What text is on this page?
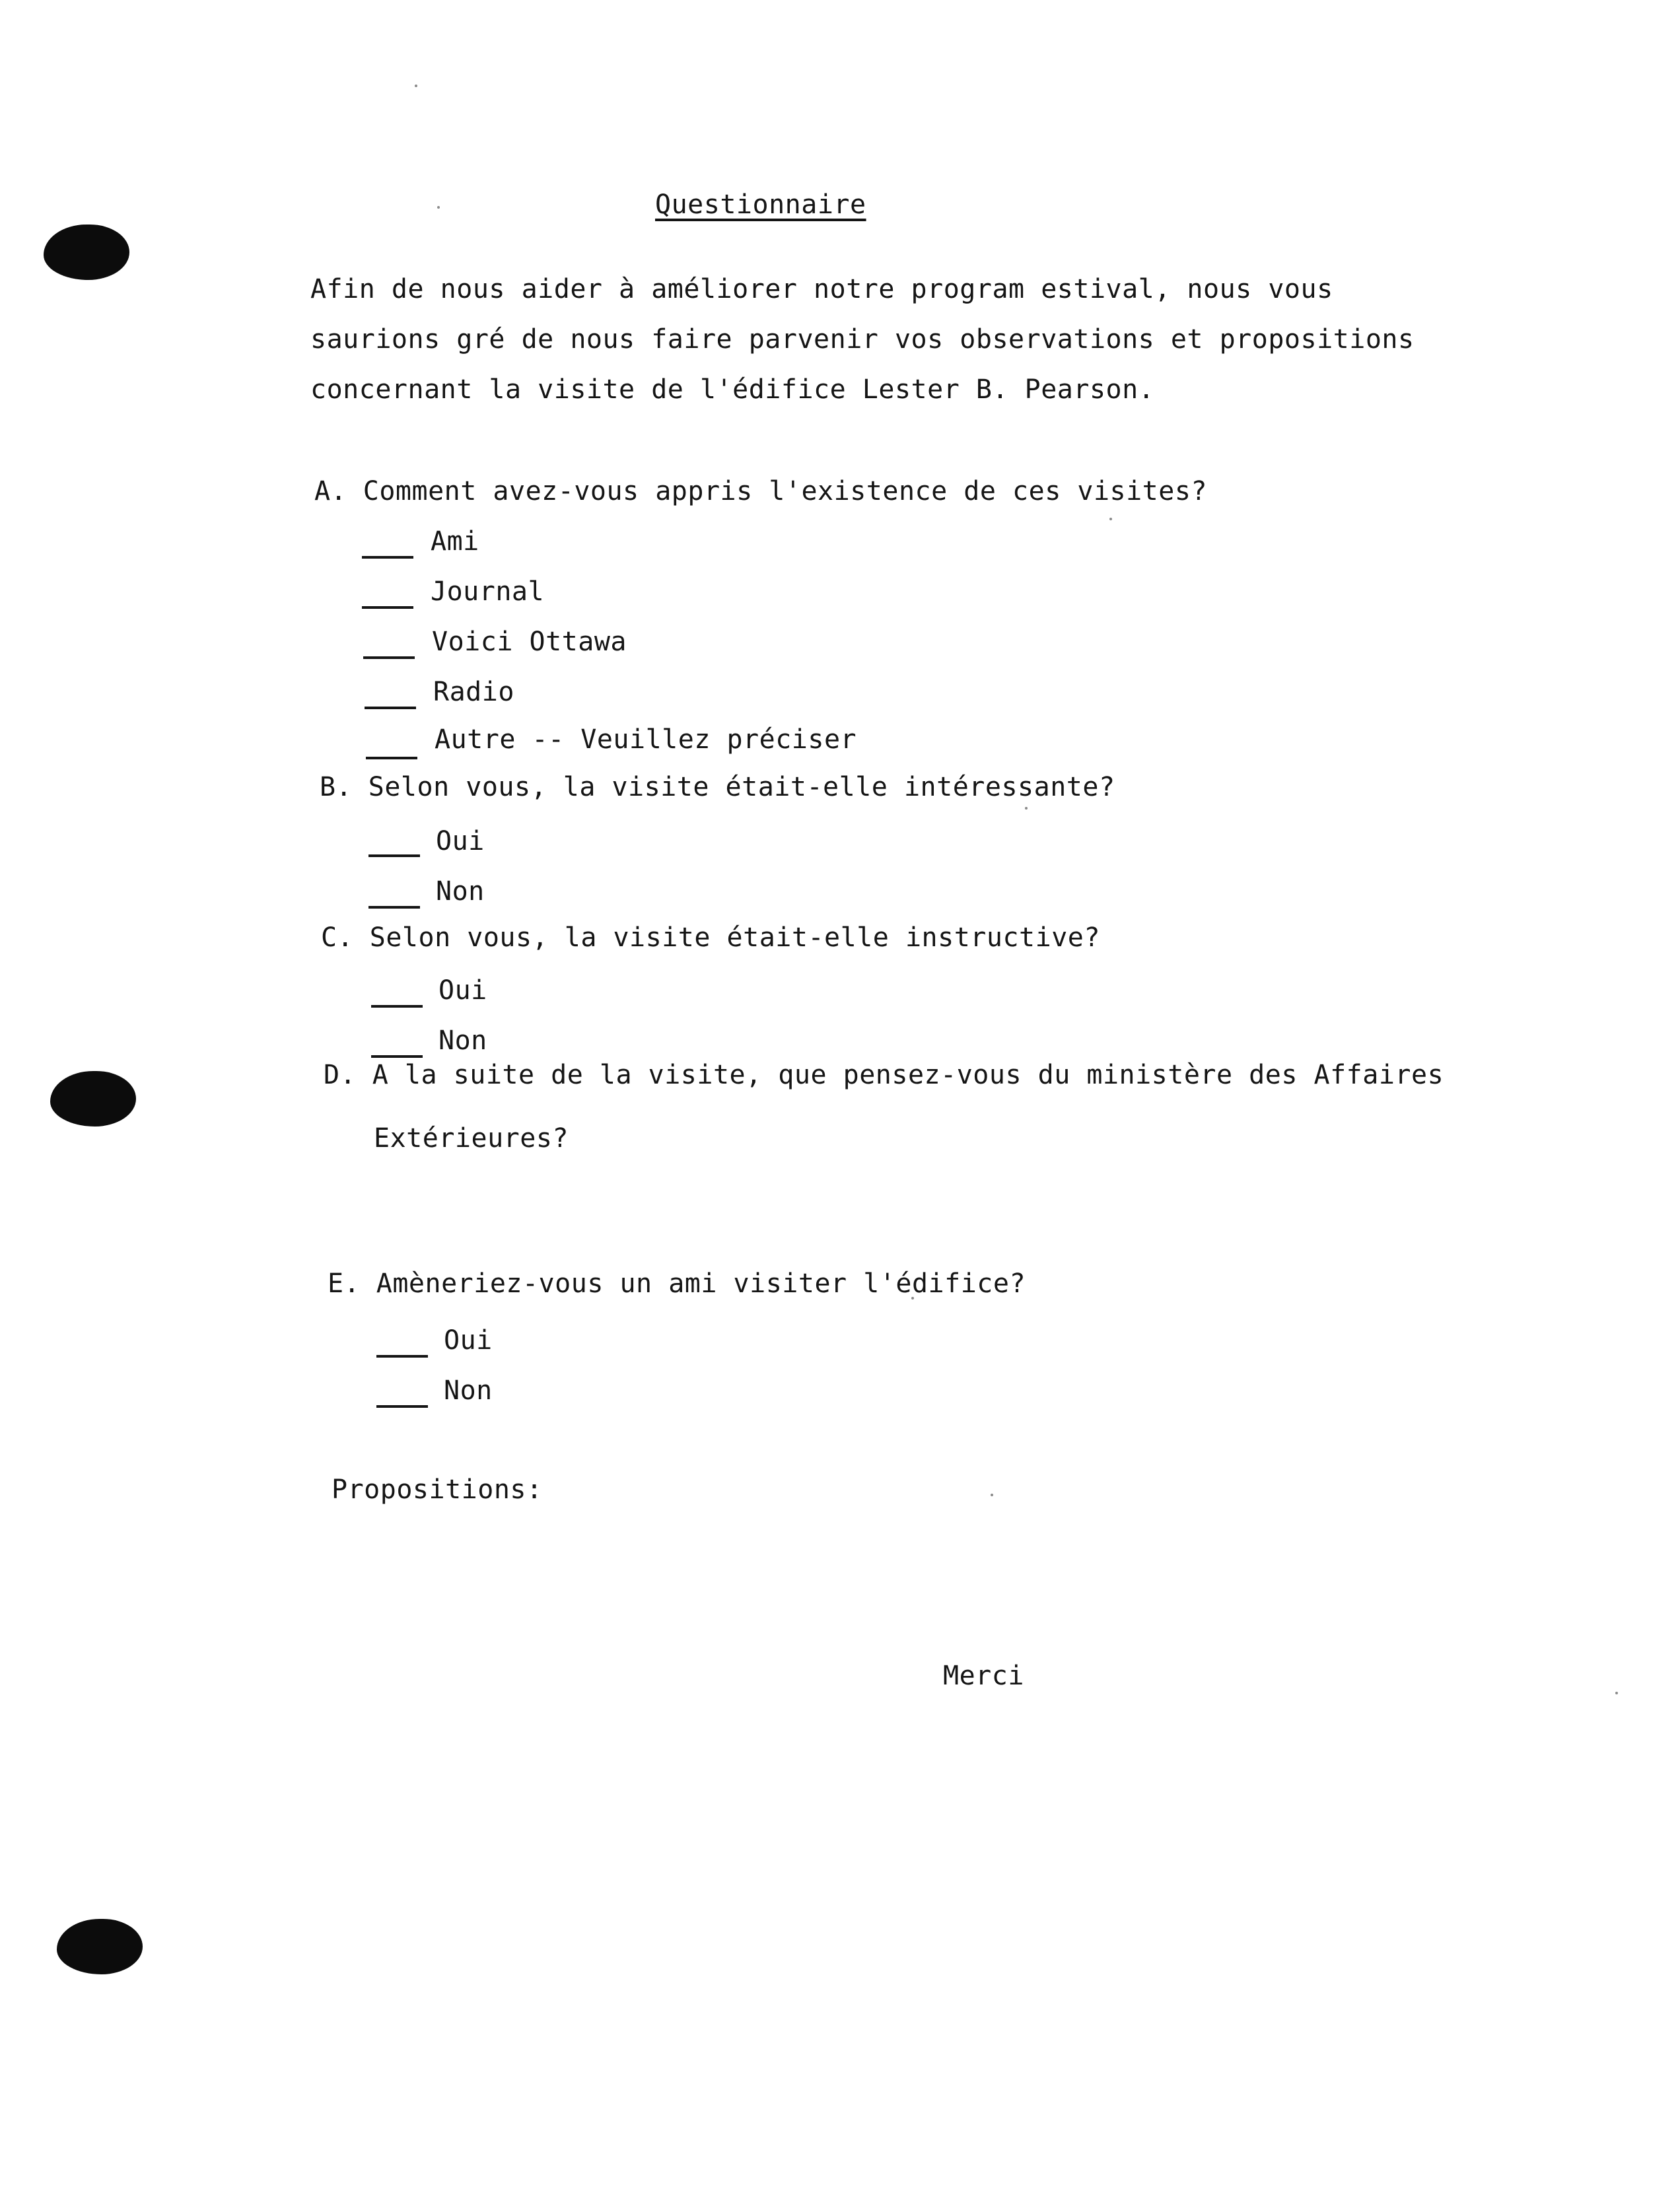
Questionnaire
Afin de nous aider à améliorer notre program estival, nous vous
saurions gré de nous faire parvenir vos observations et propositions
concernant la visite de l'édifice Lester B. Pearson.
A. Comment avez-vous appris l'existence de ces visites?
Ami
Journal
Voici Ottawa
Radio
Autre -- Veuillez préciser
B. Selon vous, la visite était-elle intéressante?
Oui
Non
C. Selon vous, la visite était-elle instructive?
Oui
Non
D. A la suite de la visite, que pensez-vous du ministère des Affaires
Extérieures?
E. Amèneriez-vous un ami visiter l'édifice?
Oui
Non
Propositions:
Merci
